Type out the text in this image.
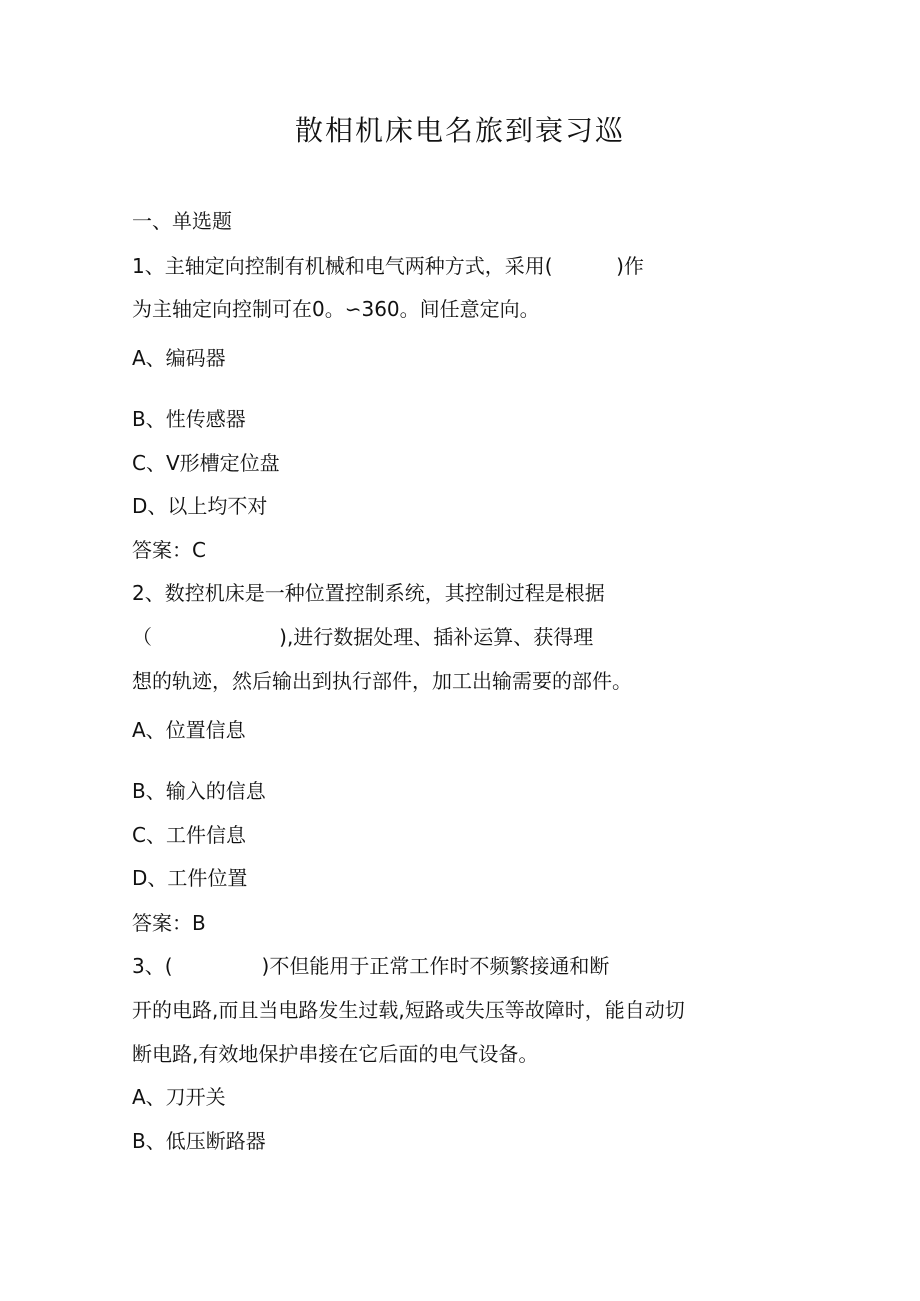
散相机床电名旅到衰习巡

一、单选题

1、主轴定向控制有机械和电气两种方式，采用(          )作

为主轴定向控制可在0。∽360。间任意定向。

A、编码器

B、性传感器

C、V形槽定位盘

D、以上均不对

答案：C

2、数控机床是一种位置控制系统，其控制过程是根据

（                    ),进行数据处理、插补运算、获得理

想的轨迹，然后输出到执行部件，加工出输需要的部件。

A、位置信息

B、输入的信息

C、工件信息

D、工件位置

答案：B

3、(              )不但能用于正常工作时不频繁接通和断

开的电路,而且当电路发生过载,短路或失压等故障时，能自动切

断电路,有效地保护串接在它后面的电气设备。

A、刀开关

B、低压断路器
